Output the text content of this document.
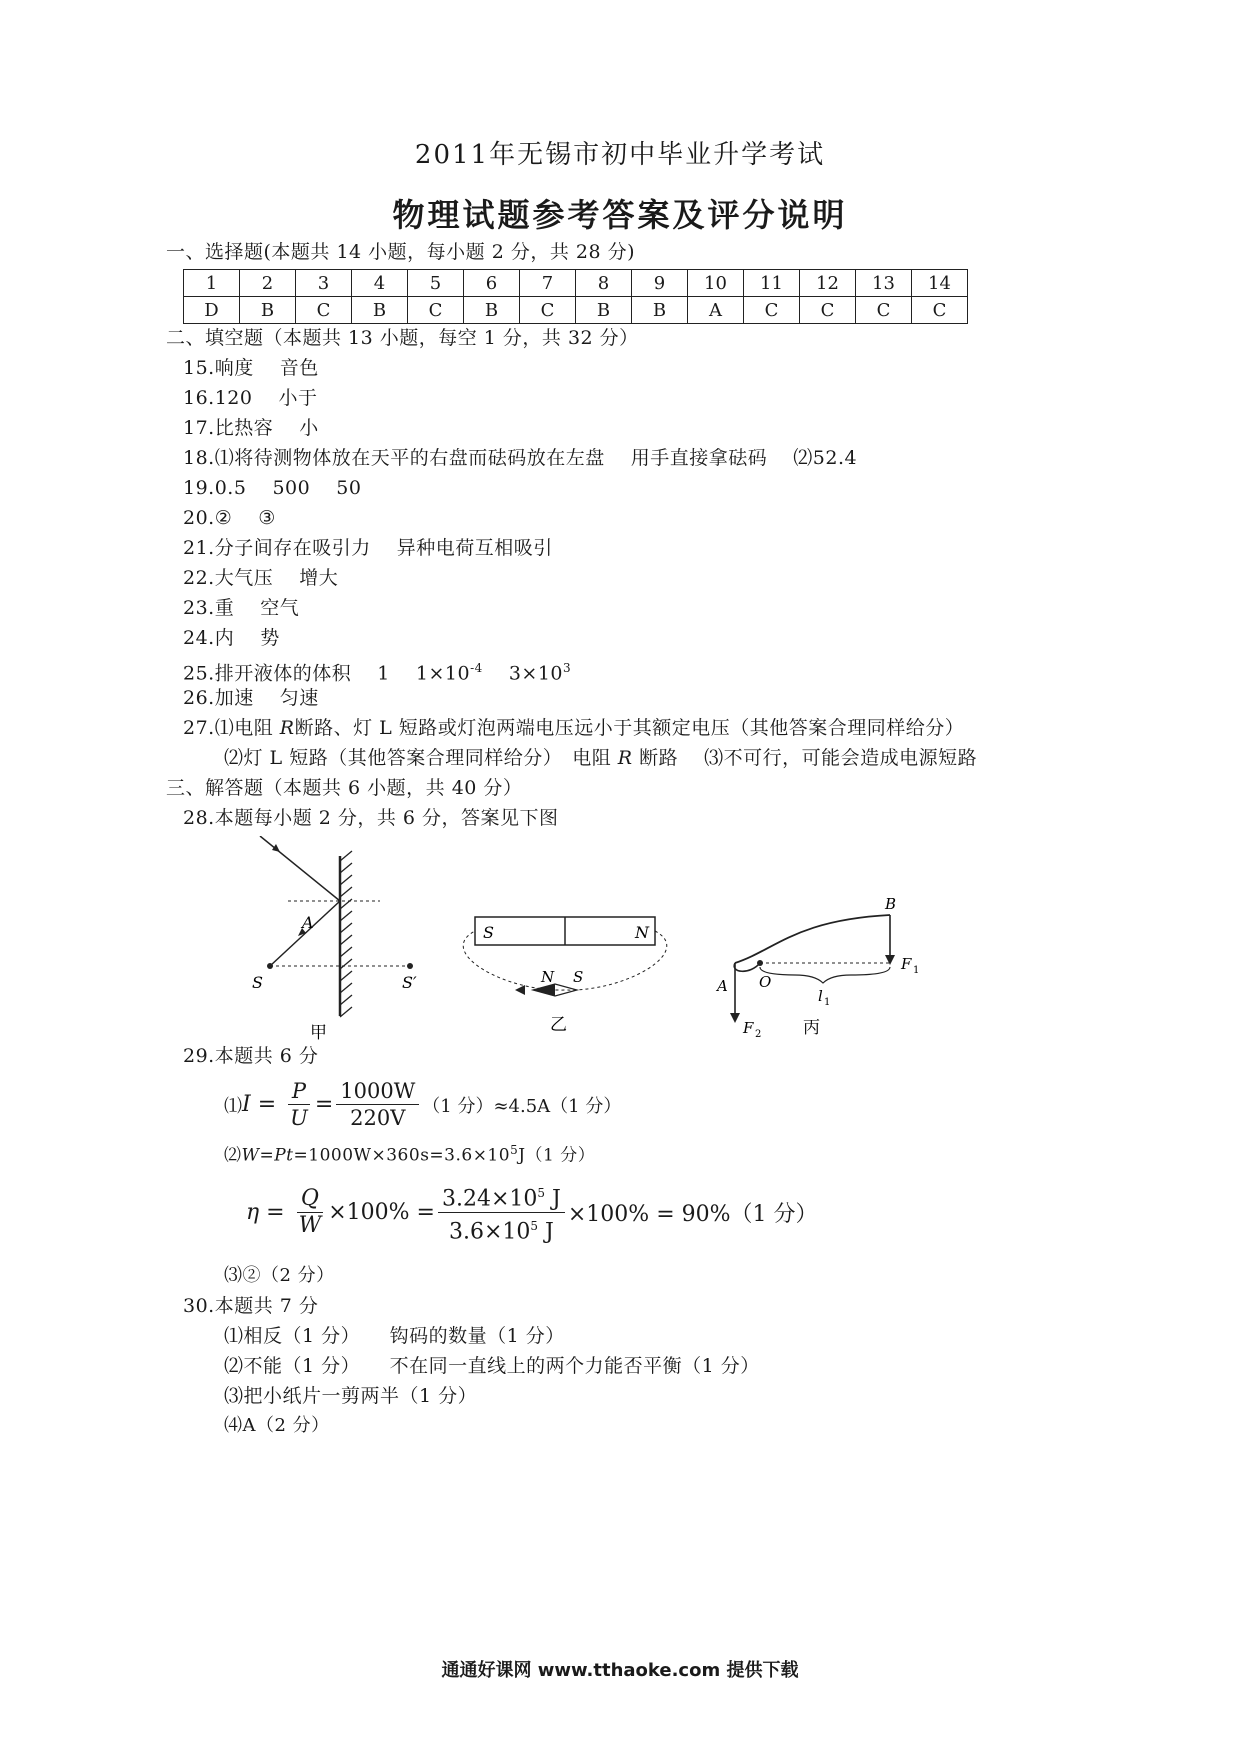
2011年无锡市初中毕业升学考试
物理试题参考答案及评分说明
一、选择题(本题共 14 小题，每小题 2 分，共 28 分)
1	2	3	4	5	6	7	8	9	10	11	12	13	14
D	B	C	B	C	B	C	B	B	A	C	C	C	C
二、填空题（本题共 13 小题，每空 1 分，共 32 分）
15.响度　 音色
16.120　 小于
17.比热容　 小
18.⑴将待测物体放在天平的右盘而砝码放在左盘　 用手直接拿砝码　 ⑵52.4
19.0.5　 500　 50
20.②　 ③
21.分子间存在吸引力　 异种电荷互相吸引
22.大气压　 增大
23.重　 空气
24.内　 势
25.排开液体的体积　 1　 $1\times 10^{-4}$　 $3\times 10^3$
26.加速　 匀速
27.⑴电阻 R断路、灯 L 短路或灯泡两端电压远小于其额定电压（其他答案合理同样给分）
⑵灯 L 短路（其他答案合理同样给分）　电阻 R 断路　 ⑶不可行，可能会造成电源短路
三、解答题（本题共 6 小题，共 40 分）
28.本题每小题 2 分，共 6 分，答案见下图
A
S	S′
甲
S	N
N S
乙
B
F 1
A O
l 1
F 2 丙
29.本题共 6 分
⑴ $I = \frac{P}{U} = \frac{1000W}{220V} (1$ 分）≈4.5A（1 分）
$⑵W=Pt=1000W\times 360s=3.6\times 10^5J(1$ 分）
$\eta = \frac{Q}{W} \times 100\% = \frac{3.24\times 10^5 J}{3.6\times 10^5 J} \times 100\% = 90\%(1$ 分）
⑶②（2 分）
30.本题共 7 分
⑴相反（1 分）　　钩码的数量（1 分）
⑵不能（1 分）　　不在同一直线上的两个力能否平衡（1 分）
⑶把小纸片一剪两半（1 分）
⑷A（2 分）
通通好课网 www.tthaoke.com 提供下载
